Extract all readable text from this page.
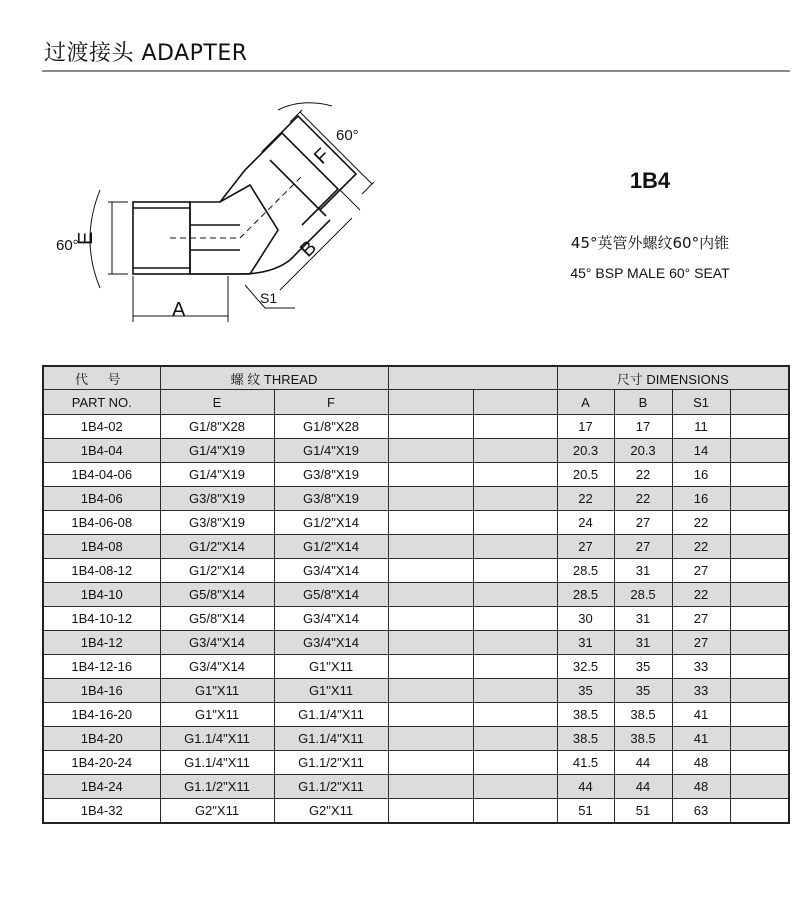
过渡接头 ADAPTER
A
E
F
B
S1
60°
60°
1B4
45°英管外螺纹60°内锥
45° BSP MALE 60° SEAT
代 号	螺 纹 THREAD				尺寸 DIMENSIONS			
PART NO.	E	F			A	B	S1	
1B4-02	G1/8"X28	G1/8"X28			17	17	11	
1B4-04	G1/4"X19	G1/4"X19			20.3	20.3	14	
1B4-04-06	G1/4"X19	G3/8"X19			20.5	22	16	
1B4-06	G3/8"X19	G3/8"X19			22	22	16	
1B4-06-08	G3/8"X19	G1/2"X14			24	27	22	
1B4-08	G1/2"X14	G1/2"X14			27	27	22	
1B4-08-12	G1/2"X14	G3/4"X14			28.5	31	27	
1B4-10	G5/8"X14	G5/8"X14			28.5	28.5	22	
1B4-10-12	G5/8"X14	G3/4"X14			30	31	27	
1B4-12	G3/4"X14	G3/4"X14			31	31	27	
1B4-12-16	G3/4"X14	G1"X11			32.5	35	33	
1B4-16	G1"X11	G1"X11			35	35	33	
1B4-16-20	G1"X11	G1.1/4"X11			38.5	38.5	41	
1B4-20	G1.1/4"X11	G1.1/4"X11			38.5	38.5	41	
1B4-20-24	G1.1/4"X11	G1.1/2"X11			41.5	44	48	
1B4-24	G1.1/2"X11	G1.1/2"X11			44	44	48	
1B4-32	G2"X11	G2"X11			51	51	63	
